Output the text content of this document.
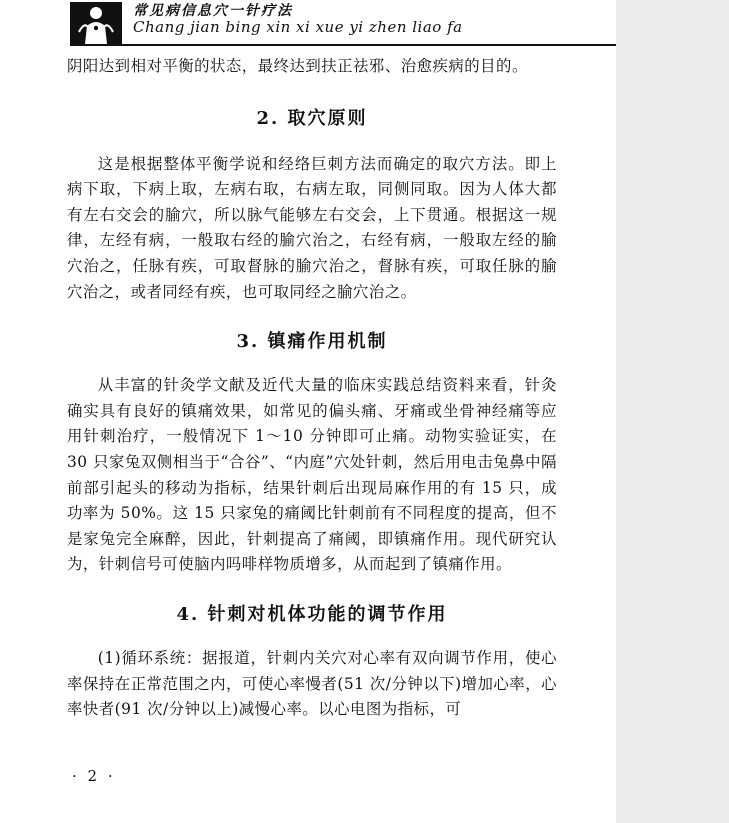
常见病信息穴一针疗法
Chang jian bing xin xi xue yi zhen liao fa

阴阳达到相对平衡的状态，最终达到扶正祛邪、治愈疾病的目的。

2. 取穴原则

这是根据整体平衡学说和经络巨刺方法而确定的取穴方法。即上病下取，下病上取，左病右取，右病左取，同侧同取。因为人体大都有左右交会的腧穴，所以脉气能够左右交会，上下贯通。根据这一规律，左经有病，一般取右经的腧穴治之，右经有病，一般取左经的腧穴治之，任脉有疾，可取督脉的腧穴治之，督脉有疾，可取任脉的腧穴治之，或者同经有疾，也可取同经之腧穴治之。

3. 镇痛作用机制

从丰富的针灸学文献及近代大量的临床实践总结资料来看，针灸确实具有良好的镇痛效果，如常见的偏头痛、牙痛或坐骨神经痛等应用针刺治疗，一般情况下 1～10 分钟即可止痛。动物实验证实，在 30 只家兔双侧相当于“合谷”、“内庭”穴处针刺，然后用电击兔鼻中隔前部引起头的移动为指标，结果针刺后出现局麻作用的有 15 只，成功率为 50%。这 15 只家兔的痛阈比针刺前有不同程度的提高，但不是家兔完全麻醉，因此，针刺提高了痛阈，即镇痛作用。现代研究认为，针刺信号可使脑内吗啡样物质增多，从而起到了镇痛作用。

4. 针刺对机体功能的调节作用

(1)循环系统：据报道，针刺内关穴对心率有双向调节作用，使心率保持在正常范围之内，可使心率慢者(51 次/分钟以下)增加心率，心率快者(91 次/分钟以上)减慢心率。以心电图为指标，可

· 2 ·
